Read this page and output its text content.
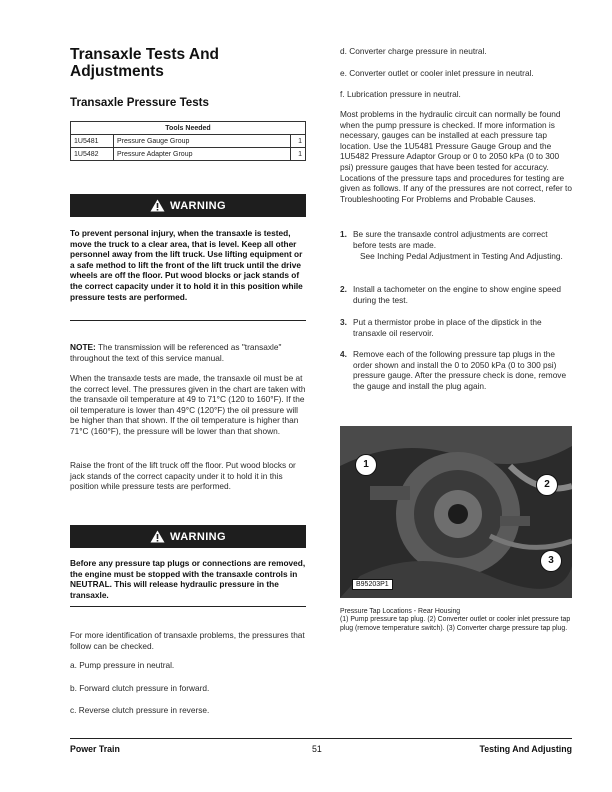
Transaxle Tests And
Adjustments
Transaxle Pressure Tests
Tools Needed		
1U5481	Pressure Gauge Group	1
1U5482	Pressure Adapter Group	1
WARNING
To prevent personal injury, when the transaxle is tested, move the truck to a clear area, that is level. Keep all other personnel away from the lift truck. Use lifting equipment or a safe method to lift the front of the lift truck until the drive wheels are off the floor. Put wood blocks or jack stands of the correct capacity under it to hold it in this position while pressure tests are performed.
NOTE: The transmission will be referenced as "transaxle" throughout the text of this service manual.
When the transaxle tests are made, the transaxle oil must be at the correct level. The pressures given in the chart are taken with the transaxle oil temperature at 49 to 71°C (120 to 160°F). If the oil temperature is lower than 49°C (120°F) the oil pressure will be higher than that shown. If the oil temperature is higher than 71°C (160°F), the pressure will be lower than that shown.
Raise the front of the lift truck off the floor. Put wood blocks or jack stands of the correct capacity under it to hold it in this position while pressure tests are performed.
WARNING
Before any pressure tap plugs or connections are removed, the engine must be stopped with the transaxle controls in NEUTRAL. This will release hydraulic pressure in the transaxle.
For more identification of transaxle problems, the pressures that follow can be checked.
a. Pump pressure in neutral.
b. Forward clutch pressure in forward.
c. Reverse clutch pressure in reverse.
d. Converter charge pressure in neutral.
e. Converter outlet or cooler inlet pressure in neutral.
f. Lubrication pressure in neutral.
Most problems in the hydraulic circuit can normally be found when the pump pressure is checked. If more information is necessary, gauges can be installed at each pressure tap location. Use the 1U5481 Pressure Gauge Group and the 1U5482 Pressure Adaptor Group or 0 to 2050 kPa (0 to 300 psi) pressure gauges that have been tested for accuracy. Locations of the pressure taps and procedures for testing are given as follows. If any of the pressures are not correct, refer to Troubleshooting For Problems and Probable Causes.
1. Be sure the transaxle control adjustments are correct before tests are made.
See Inching Pedal Adjustment in Testing And Adjusting.
2. Install a tachometer on the engine to show engine speed during the test.
3. Put a thermistor probe in place of the dipstick in the transaxle oil reservoir.
4. Remove each of the following pressure tap plugs in the order shown and install the 0 to 2050 kPa (0 to 300 psi) pressure gauge. After the pressure check is done, remove the gauge and install the plug again.
1
2
3
B95203P1
Pressure Tap Locations - Rear Housing
(1) Pump pressure tap plug. (2) Converter outlet or cooler inlet pressure tap plug (remove temperature switch). (3) Converter charge pressure tap plug.
Power Train	51	Testing And Adjusting
